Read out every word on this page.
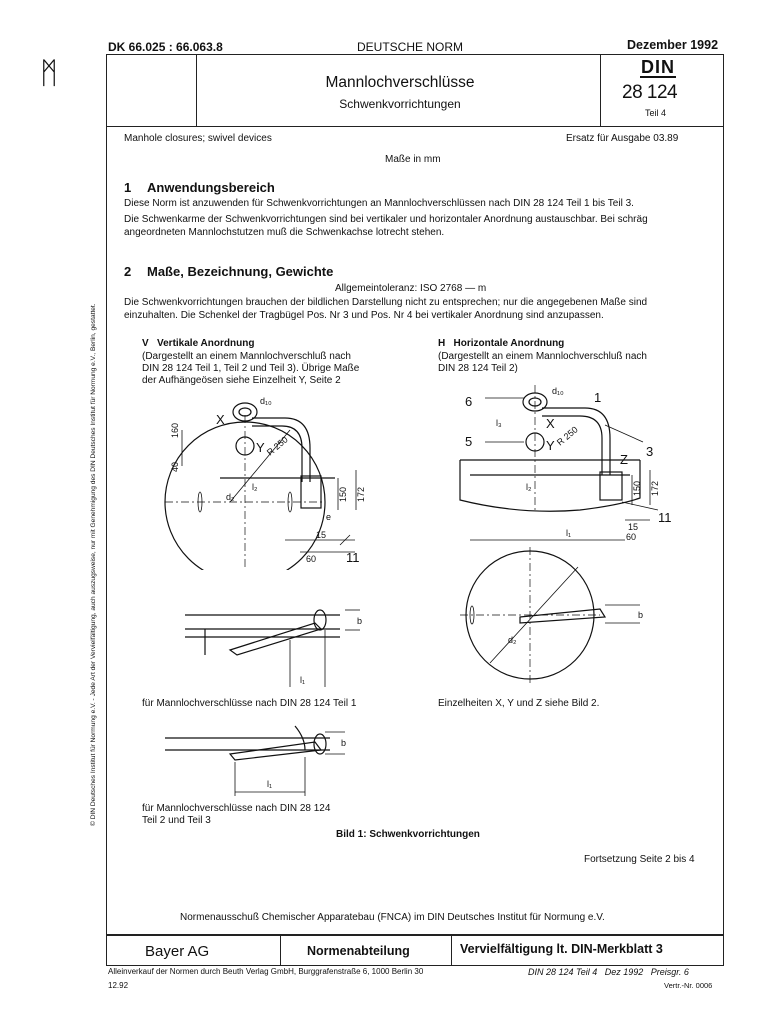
ᛗ
© DIN Deutsches Institut für Normung e.V. - Jede Art der Vervielfältigung, auch auszugsweise, nur mit Genehmigung des DIN Deutsches Institut für Normung e.V., Berlin, gestattet.
DK 66.025 : 66.063.8	DEUTSCHE NORM	Dezember 1992
Mannlochverschlüsse
Schwenkvorrichtungen
DIN
28 124
Teil 4
Manhole closures; swivel devices	Ersatz für Ausgabe 03.89
Maße in mm
1 Anwendungsbereich
Diese Norm ist anzuwenden für Schwenkvorrichtungen an Mannlochverschlüssen nach DIN 28 124 Teil 1 bis Teil 3.
Die Schwenkarme der Schwenkvorrichtungen sind bei vertikaler und horizontaler Anordnung austauschbar. Bei schräg
angeordneten Mannlochstutzen muß die Schwenkachse lotrecht stehen.
2 Maße, Bezeichnung, Gewichte
Allgemeintoleranz: ISO 2768 — m
Die Schwenkvorrichtungen brauchen der bildlichen Darstellung nicht zu entsprechen; nur die angegebenen Maße sind
einzuhalten. Die Schenkel der Tragbügel Pos. Nr 3 und Pos. Nr 4 bei vertikaler Anordnung sind anzupassen.
V   Vertikale Anordnung
(Dargestellt an einem Mannlochverschluß nach
DIN 28 124 Teil 1, Teil 2 und Teil 3). Übrige Maße
der Aufhängeösen siehe Einzelheit Y, Seite 2
H   Horizontale Anordnung
(Dargestellt an einem Mannlochverschluß nach
DIN 28 124 Teil 2)
X
Y
11
d₁₀
R 250
d₂
l₂
160
40
150 172
e
15
60
6
5
X
Y
1
3
Z
11
d₁₀
l₃
R 250
l₂	150 172
15
60
l₁
d₂
b
b
l₁
für Mannlochverschlüsse nach DIN 28 124 Teil 1	Einzelheiten X, Y und Z siehe Bild 2.
b
l₁
für Mannlochverschlüsse nach DIN 28 124
Teil 2 und Teil 3
Bild 1: Schwenkvorrichtungen
Fortsetzung Seite 2 bis 4
Normenausschuß Chemischer Apparatebau (FNCA) im DIN Deutsches Institut für Normung e.V.
Bayer AG	Normenabteilung	Vervielfältigung lt. DIN-Merkblatt 3
Alleinverkauf der Normen durch Beuth Verlag GmbH, Burggrafenstraße 6, 1000 Berlin 30	DIN 28 124 Teil 4   Dez 1992   Preisgr. 6
12.92	Vertr.-Nr. 0006
